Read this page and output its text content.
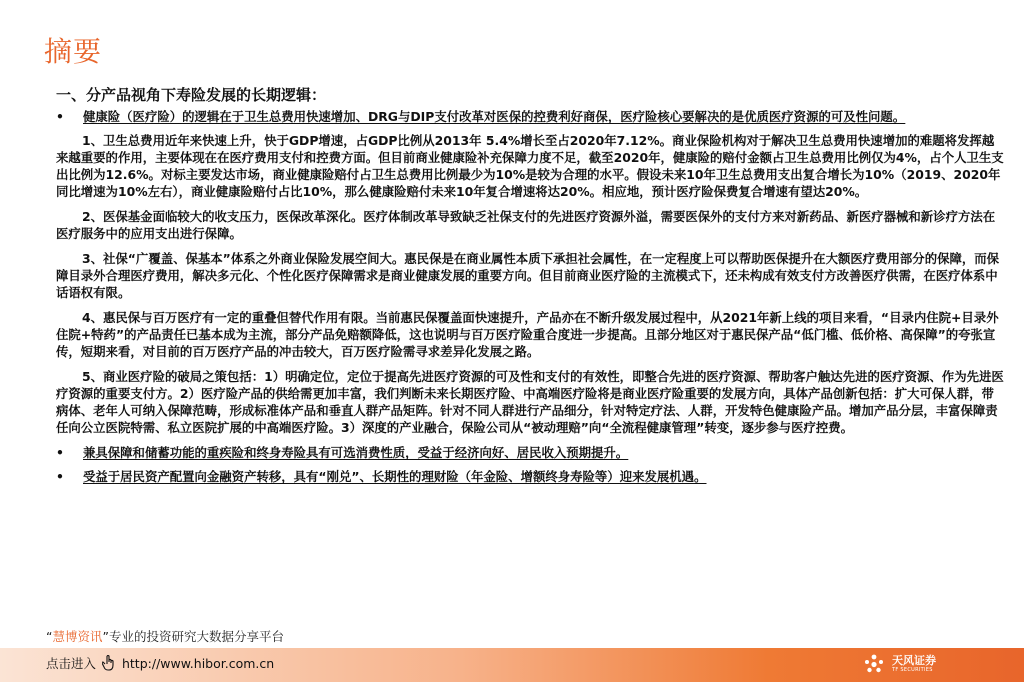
摘要
一、分产品视角下寿险发展的长期逻辑：
•	健康险（医疗险）的逻辑在于卫生总费用快速增加、DRG与DIP支付改革对医保的控费利好商保，医疗险核心要解决的是优质医疗资源的可及性问题。

1、卫生总费用近年来快速上升，快于GDP增速，占GDP比例从2013年 5.4%增长至占2020年7.12%。商业保险机构对于解决卫生总费用快速增加的难题将发挥越来越重要的作用，主要体现在在医疗费用支付和控费方面。但目前商业健康险补充保障力度不足，截至2020年，健康险的赔付金额占卫生总费用比例仅为4%，占个人卫生支出比例为12.6%。对标主要发达市场，商业健康险赔付占卫生总费用比例最少为10%是较为合理的水平。假设未来10年卫生总费用支出复合增长为10%（2019、2020年同比增速为10%左右），商业健康险赔付占比10%，那么健康险赔付未来10年复合增速将达20%。相应地，预计医疗险保费复合增速有望达20%。

2、医保基金面临较大的收支压力，医保改革深化。医疗体制改革导致缺乏社保支付的先进医疗资源外溢，需要医保外的支付方来对新药品、新医疗器械和新诊疗方法在医疗服务中的应用支出进行保障。

3、社保“广覆盖、保基本”体系之外商业保险发展空间大。惠民保是在商业属性本质下承担社会属性，在一定程度上可以帮助医保提升在大额医疗费用部分的保障，而保障目录外合理医疗费用，解决多元化、个性化医疗保障需求是商业健康发展的重要方向。但目前商业医疗险的主流模式下，还未构成有效支付方改善医疗供需，在医疗体系中话语权有限。

4、惠民保与百万医疗有一定的重叠但替代作用有限。当前惠民保覆盖面快速提升，产品亦在不断升级发展过程中，从2021年新上线的项目来看，“目录内住院+目录外住院+特药”的产品责任已基本成为主流，部分产品免赔额降低，这也说明与百万医疗险重合度进一步提高。且部分地区对于惠民保产品“低门槛、低价格、高保障”的夸张宣传，短期来看，对目前的百万医疗产品的冲击较大，百万医疗险需寻求差异化发展之路。

5、商业医疗险的破局之策包括：1）明确定位，定位于提高先进医疗资源的可及性和支付的有效性，即整合先进的医疗资源、帮助客户触达先进的医疗资源、作为先进医疗资源的重要支付方。2）医疗险产品的供给需更加丰富，我们判断未来长期医疗险、中高端医疗险将是商业医疗险重要的发展方向，具体产品创新包括：扩大可保人群，带病体、老年人可纳入保障范畴，形成标准体产品和垂直人群产品矩阵。针对不同人群进行产品细分，针对特定疗法、人群，开发特色健康险产品。增加产品分层，丰富保障责任向公立医院特需、私立医院扩展的中高端医疗险。3）深度的产业融合，保险公司从“被动理赔”向“全流程健康管理”转变，逐步参与医疗控费。

•	兼具保障和储蓄功能的重疾险和终身寿险具有可选消费性质，受益于经济向好、居民收入预期提升。
•	受益于居民资产配置向金融资产转移，具有“刚兑”、长期性的理财险（年金险、增额终身寿险等）迎来发展机遇。
“慧博资讯”专业的投资研究大数据分享平台
点击进入 http://www.hibor.com.cn	天风证券
TF SECURITIES
